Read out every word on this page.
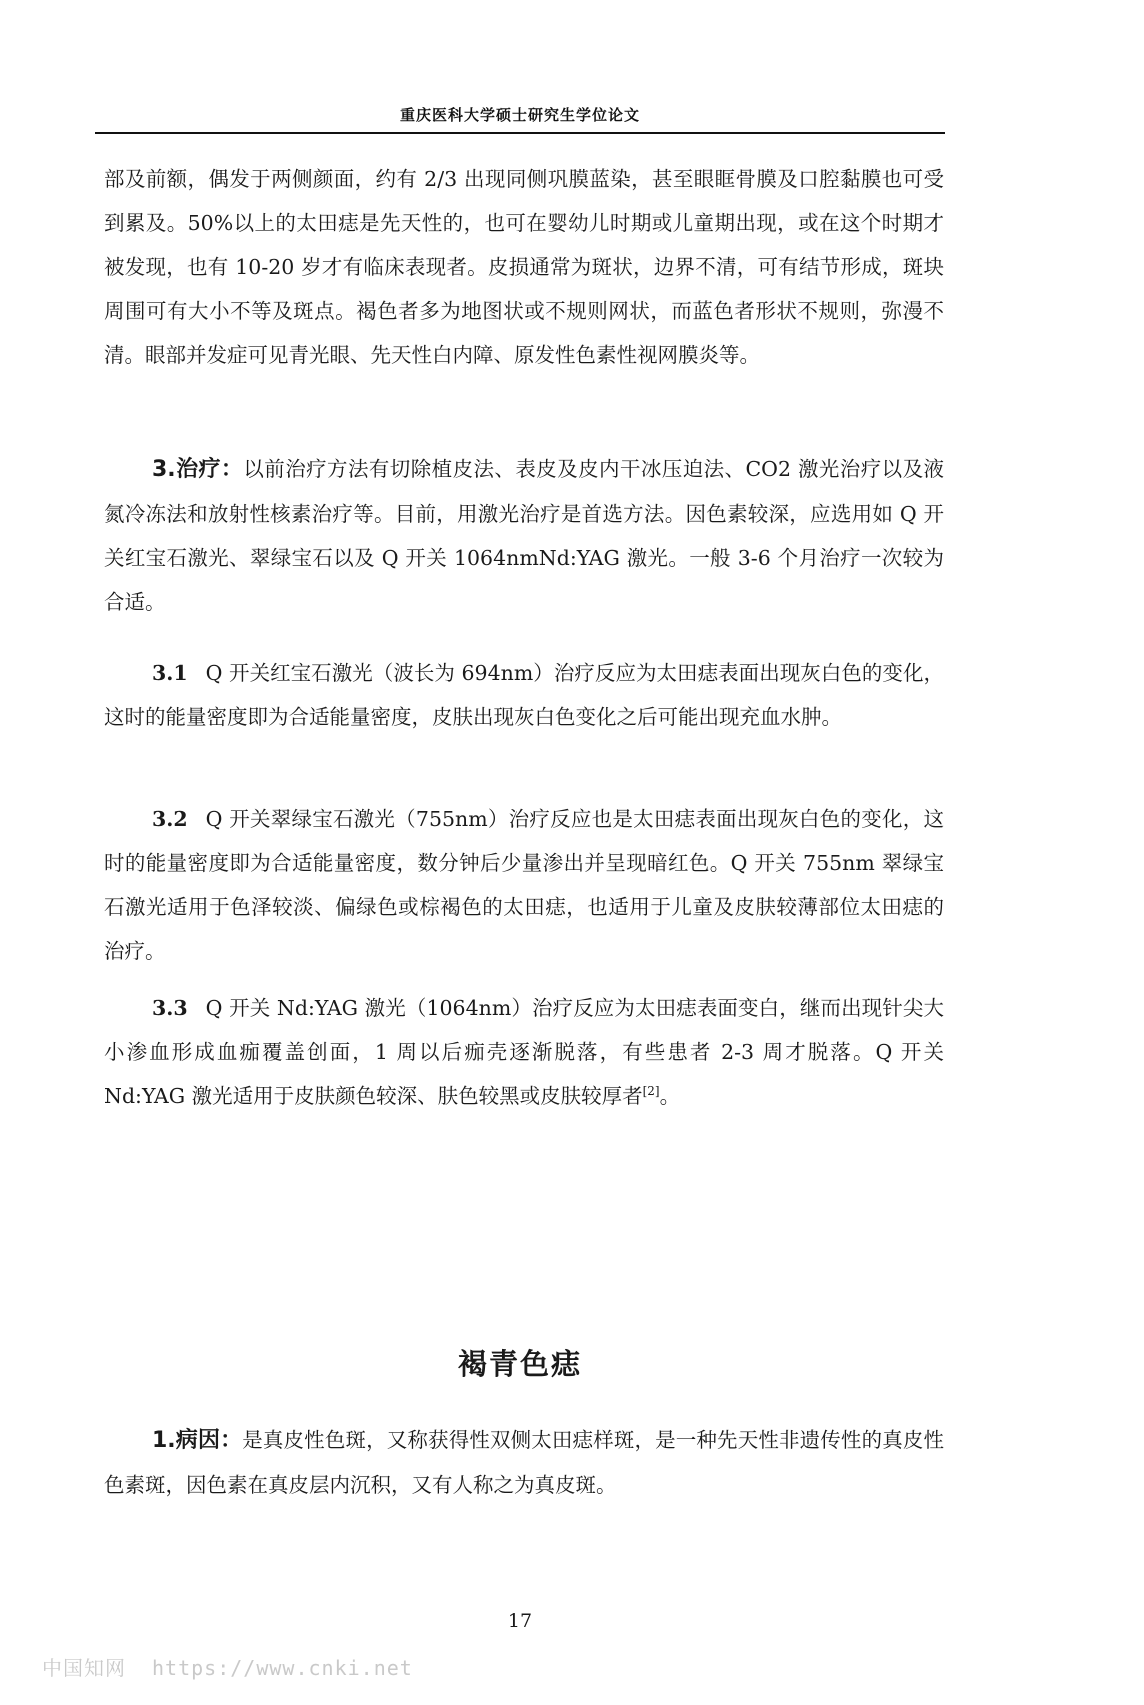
重庆医科大学硕士研究生学位论文

部及前额，偶发于两侧颜面，约有 2/3 出现同侧巩膜蓝染，甚至眼眶骨膜及口腔黏膜也可受到累及。50%以上的太田痣是先天性的，也可在婴幼儿时期或儿童期出现，或在这个时期才被发现，也有 10-20 岁才有临床表现者。皮损通常为斑状，边界不清，可有结节形成，斑块周围可有大小不等及斑点。褐色者多为地图状或不规则网状，而蓝色者形状不规则，弥漫不清。眼部并发症可见青光眼、先天性白内障、原发性色素性视网膜炎等。

3.治疗：以前治疗方法有切除植皮法、表皮及皮内干冰压迫法、CO2 激光治疗以及液氮冷冻法和放射性核素治疗等。目前，用激光治疗是首选方法。因色素较深，应选用如 Q 开关红宝石激光、翠绿宝石以及 Q 开关 1064nmNd:YAG 激光。一般 3-6 个月治疗一次较为合适。

3.1 Q 开关红宝石激光（波长为 694nm）治疗反应为太田痣表面出现灰白色的变化，这时的能量密度即为合适能量密度，皮肤出现灰白色变化之后可能出现充血水肿。

3.2 Q 开关翠绿宝石激光（755nm）治疗反应也是太田痣表面出现灰白色的变化，这时的能量密度即为合适能量密度，数分钟后少量渗出并呈现暗红色。Q 开关 755nm 翠绿宝石激光适用于色泽较淡、偏绿色或棕褐色的太田痣，也适用于儿童及皮肤较薄部位太田痣的治疗。

3.3 Q 开关 Nd:YAG 激光（1064nm）治疗反应为太田痣表面变白，继而出现针尖大小渗血形成血痂覆盖创面，1 周以后痂壳逐渐脱落，有些患者 2-3 周才脱落。Q 开关 Nd:YAG 激光适用于皮肤颜色较深、肤色较黑或皮肤较厚者[2]。

褐青色痣

1.病因：是真皮性色斑，又称获得性双侧太田痣样斑，是一种先天性非遗传性的真皮性色素斑，因色素在真皮层内沉积，又有人称之为真皮斑。

17
中国知网 https://www.cnki.net
